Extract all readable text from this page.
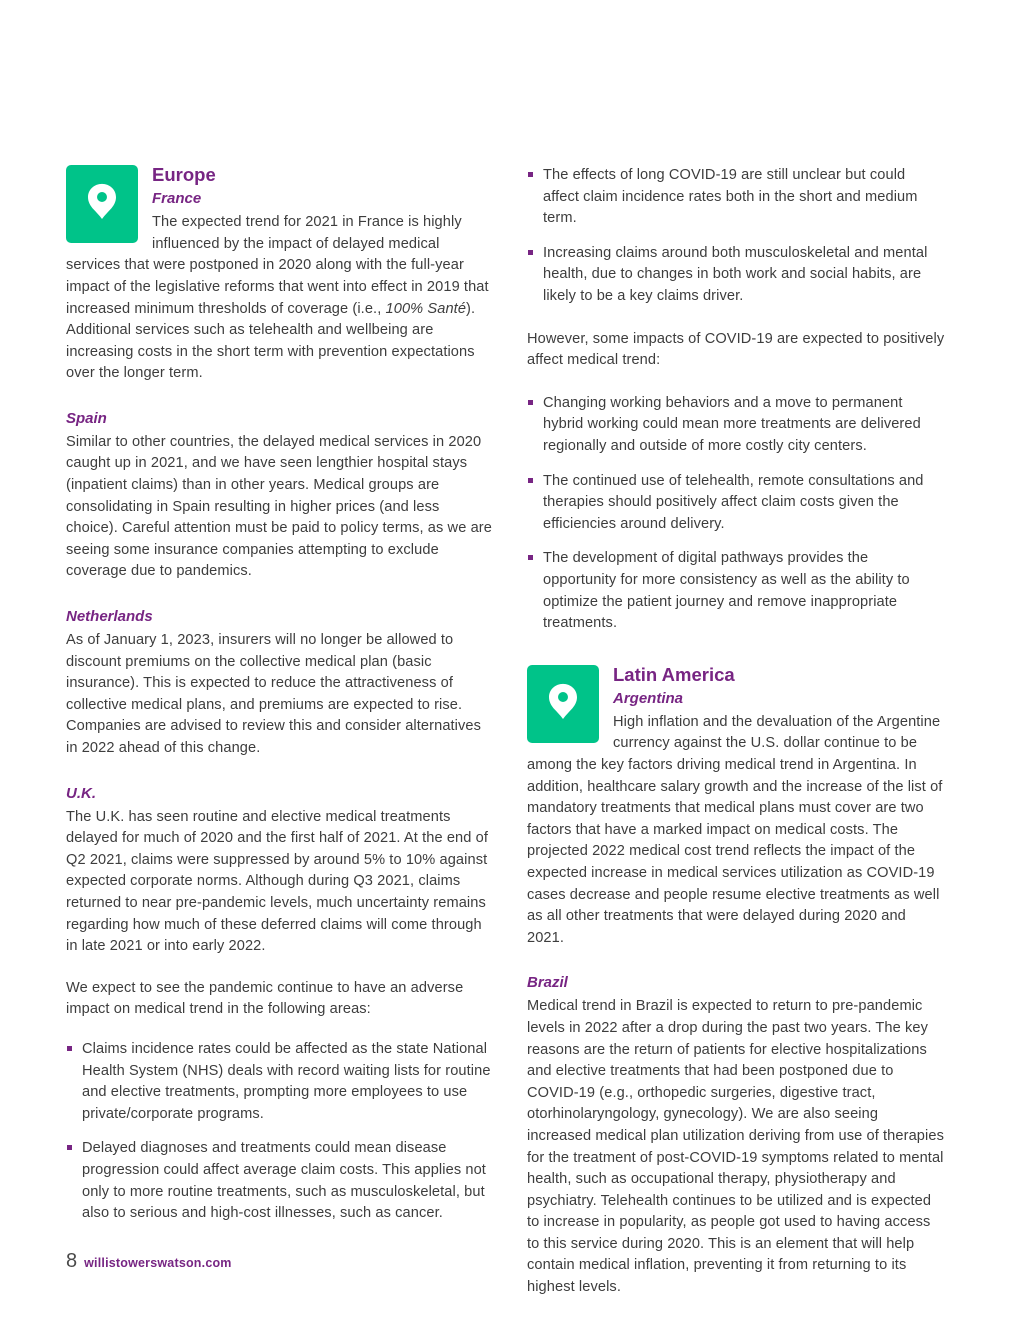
Europe
France

The expected trend for 2021 in France is highly influenced by the impact of delayed medical services that were postponed in 2020 along with the full-year impact of the legislative reforms that went into effect in 2019 that increased minimum thresholds of coverage (i.e., 100% Santé). Additional services such as telehealth and wellbeing are increasing costs in the short term with prevention expectations over the longer term.

Spain

Similar to other countries, the delayed medical services in 2020 caught up in 2021, and we have seen lengthier hospital stays (inpatient claims) than in other years. Medical groups are consolidating in Spain resulting in higher prices (and less choice). Careful attention must be paid to policy terms, as we are seeing some insurance companies attempting to exclude coverage due to pandemics.

Netherlands

As of January 1, 2023, insurers will no longer be allowed to discount premiums on the collective medical plan (basic insurance). This is expected to reduce the attractiveness of collective medical plans, and premiums are expected to rise. Companies are advised to review this and consider alternatives in 2022 ahead of this change.

U.K.

The U.K. has seen routine and elective medical treatments delayed for much of 2020 and the first half of 2021. At the end of Q2 2021, claims were suppressed by around 5% to 10% against expected corporate norms. Although during Q3 2021, claims returned to near pre-pandemic levels, much uncertainty remains regarding how much of these deferred claims will come through in late 2021 or into early 2022.

We expect to see the pandemic continue to have an adverse impact on medical trend in the following areas:

Claims incidence rates could be affected as the state National Health System (NHS) deals with record waiting lists for routine and elective treatments, prompting more employees to use private/corporate programs.
Delayed diagnoses and treatments could mean disease progression could affect average claim costs. This applies not only to more routine treatments, such as musculoskeletal, but also to serious and high-cost illnesses, such as cancer.
The effects of long COVID-19 are still unclear but could affect claim incidence rates both in the short and medium term.
Increasing claims around both musculoskeletal and mental health, due to changes in both work and social habits, are likely to be a key claims driver.

However, some impacts of COVID-19 are expected to positively affect medical trend:

Changing working behaviors and a move to permanent hybrid working could mean more treatments are delivered regionally and outside of more costly city centers.
The continued use of telehealth, remote consultations and therapies should positively affect claim costs given the efficiencies around delivery.
The development of digital pathways provides the opportunity for more consistency as well as the ability to optimize the patient journey and remove inappropriate treatments.
Latin America
Argentina

High inflation and the devaluation of the Argentine currency against the U.S. dollar continue to be among the key factors driving medical trend in Argentina. In addition, healthcare salary growth and the increase of the list of mandatory treatments that medical plans must cover are two factors that have a marked impact on medical costs. The projected 2022 medical cost trend reflects the impact of the expected increase in medical services utilization as COVID-19 cases decrease and people resume elective treatments as well as all other treatments that were delayed during 2020 and 2021.

Brazil

Medical trend in Brazil is expected to return to pre-pandemic levels in 2022 after a drop during the past two years. The key reasons are the return of patients for elective hospitalizations and elective treatments that had been postponed due to COVID-19 (e.g., orthopedic surgeries, digestive tract, otorhinolaryngology, gynecology). We are also seeing increased medical plan utilization deriving from use of therapies for the treatment of post-COVID-19 symptoms related to mental health, such as occupational therapy, physiotherapy and psychiatry. Telehealth continues to be utilized and is expected to increase in popularity, as people got used to having access to this service during 2020. This is an element that will help contain medical inflation, preventing it from returning to its highest levels.

8 willistowerswatson.com
